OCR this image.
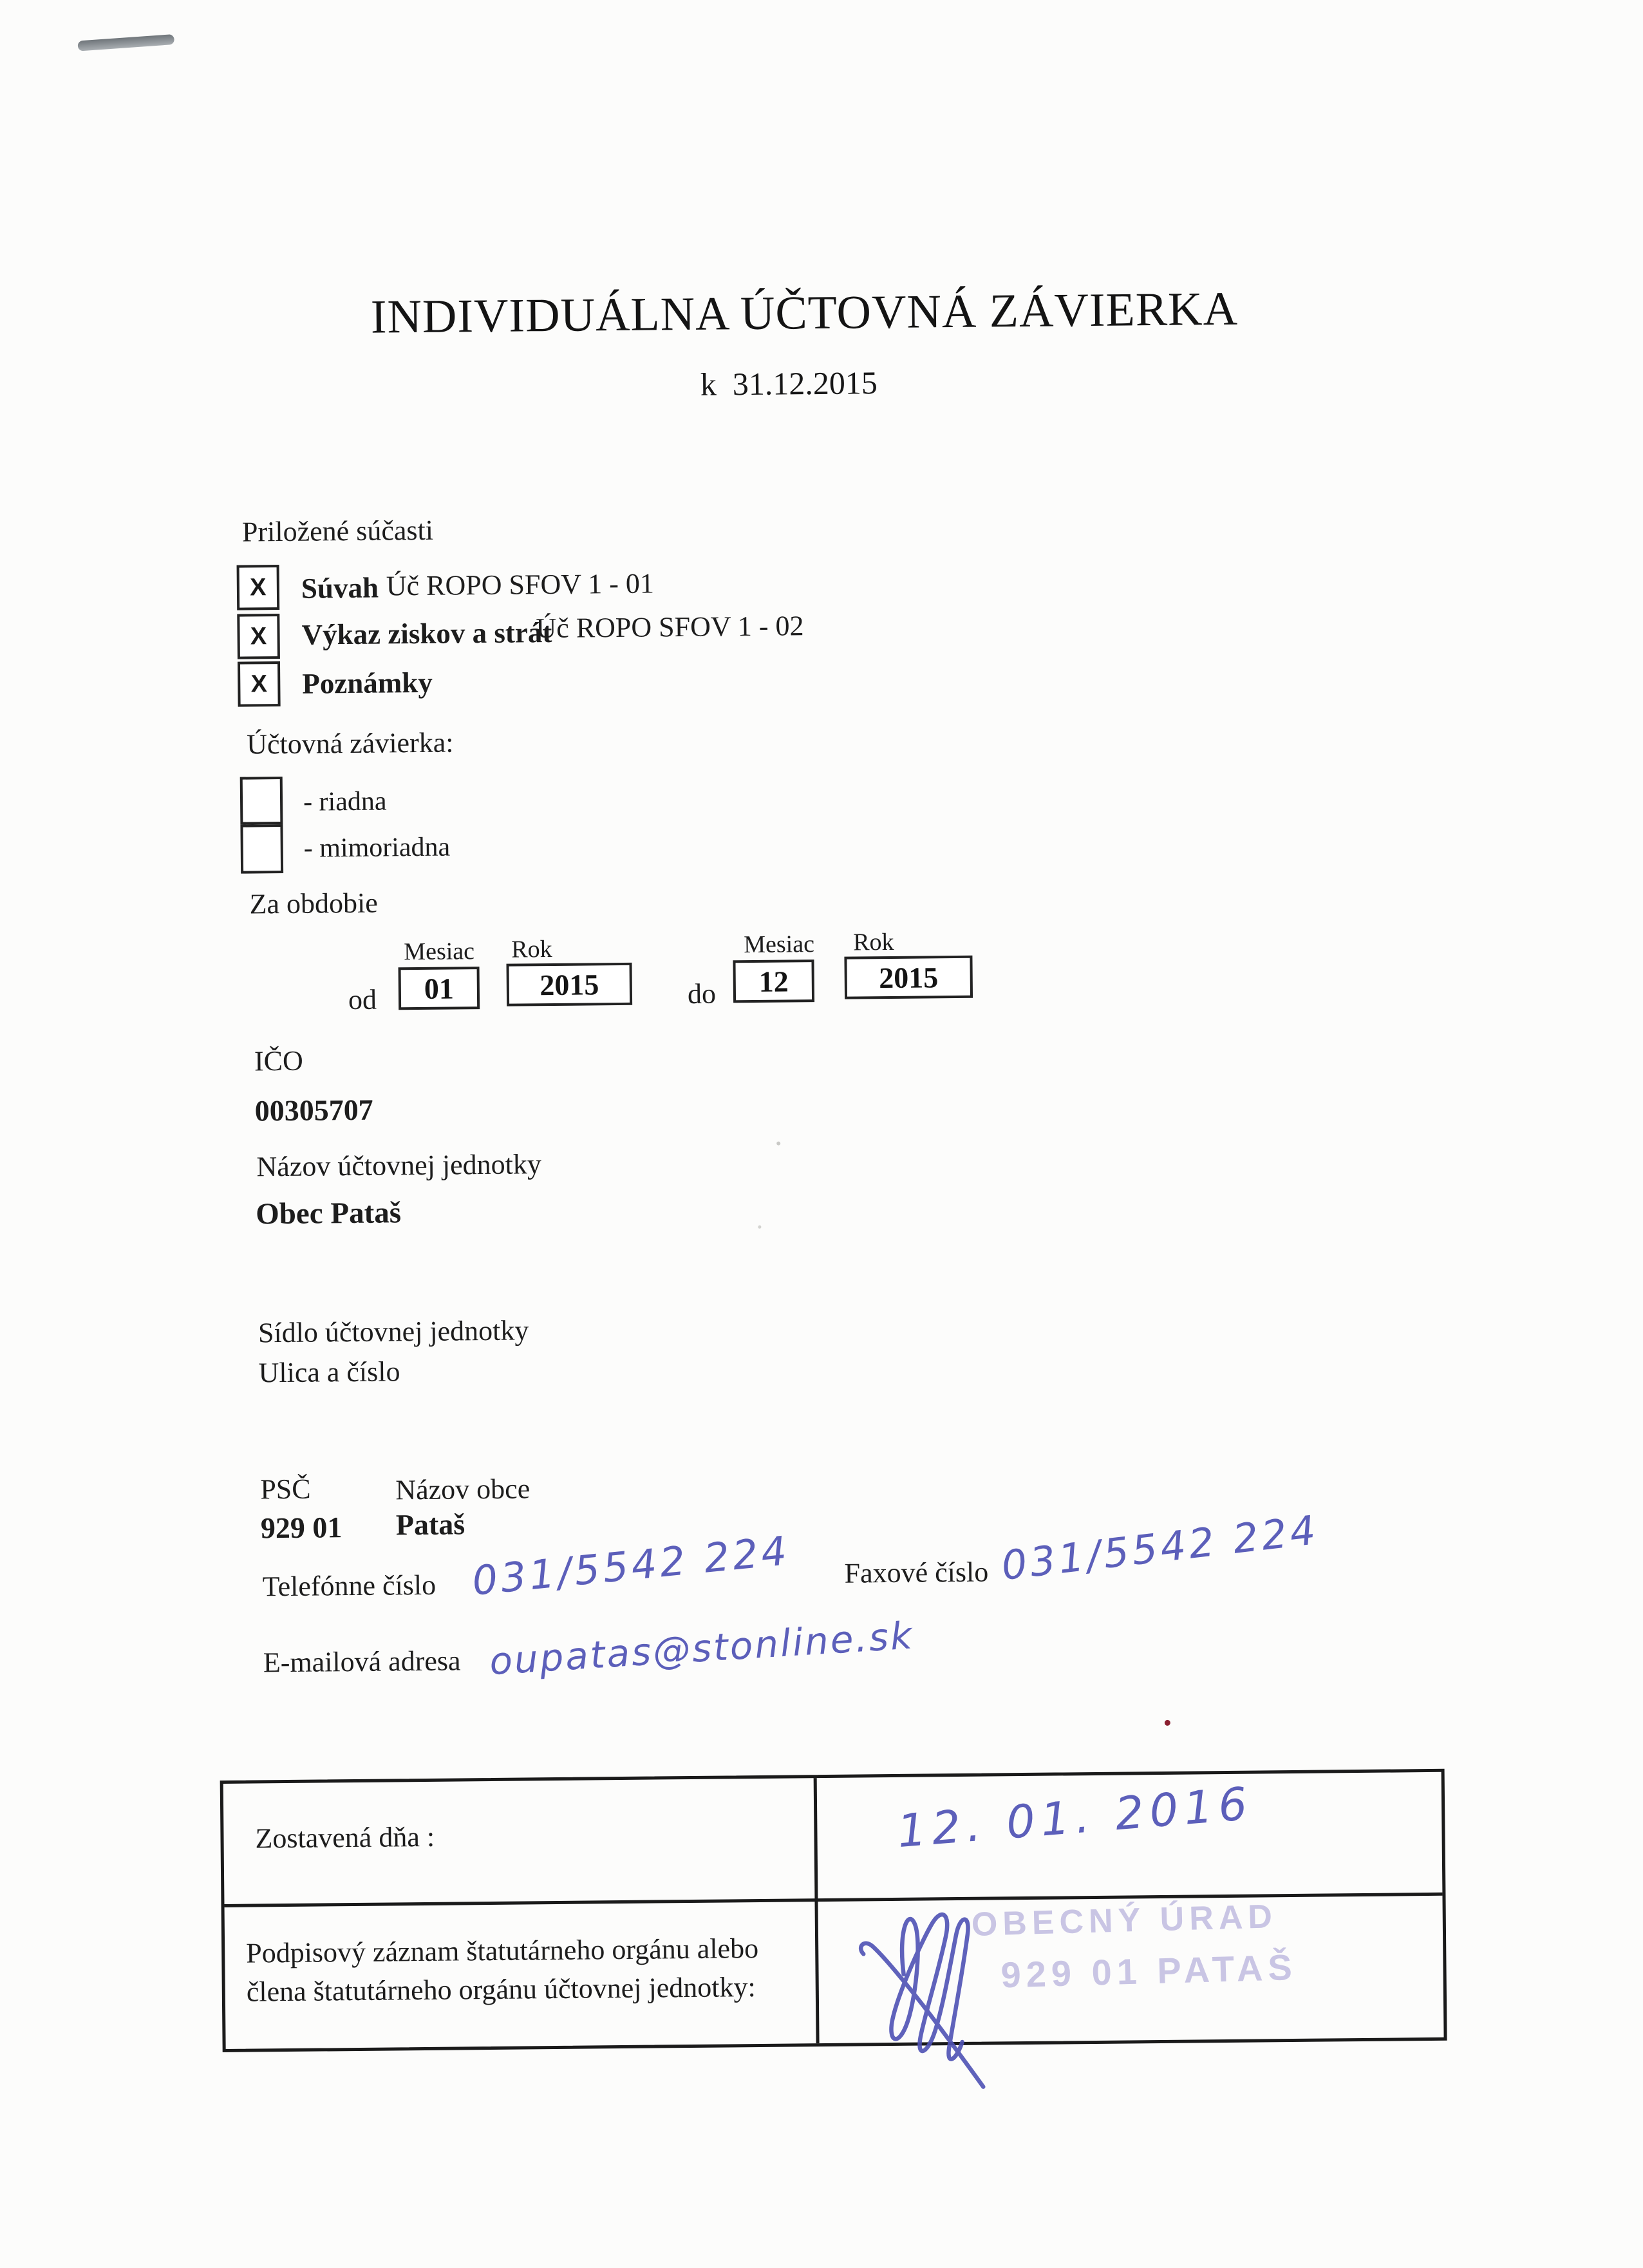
INDIVIDUÁLNA ÚČTOVNÁ ZÁVIERKA
k  31.12.2015
Priložené súčasti
X Súvah Úč ROPO SFOV 1 - 01
X Výkaz ziskov a strát
Úč ROPO SFOV 1 - 02
X Poznámky
Účtovná závierka:
- riadna
- mimoriadna
Za obdobie
Mesiac Rok	Mesiac Rok
od 01	2015	do 12	2015
IČO
00305707
Názov účtovnej jednotky
Obec Pataš
Sídlo účtovnej jednotky
Ulica a číslo
PSČ	Názov obce
929 01 Pataš
Telefónne číslo 031/5542 224 Faxové číslo 031/5542 224
E-mailová adresa oupatas@stonline.sk
Zostavená dňa :	12. 01. 2016
Podpisový záznam štatutárneho orgánu alebo
člena štatutárneho orgánu účtovnej jednotky:
OBECNÝ ÚRAD
929 01 PATAŠ
